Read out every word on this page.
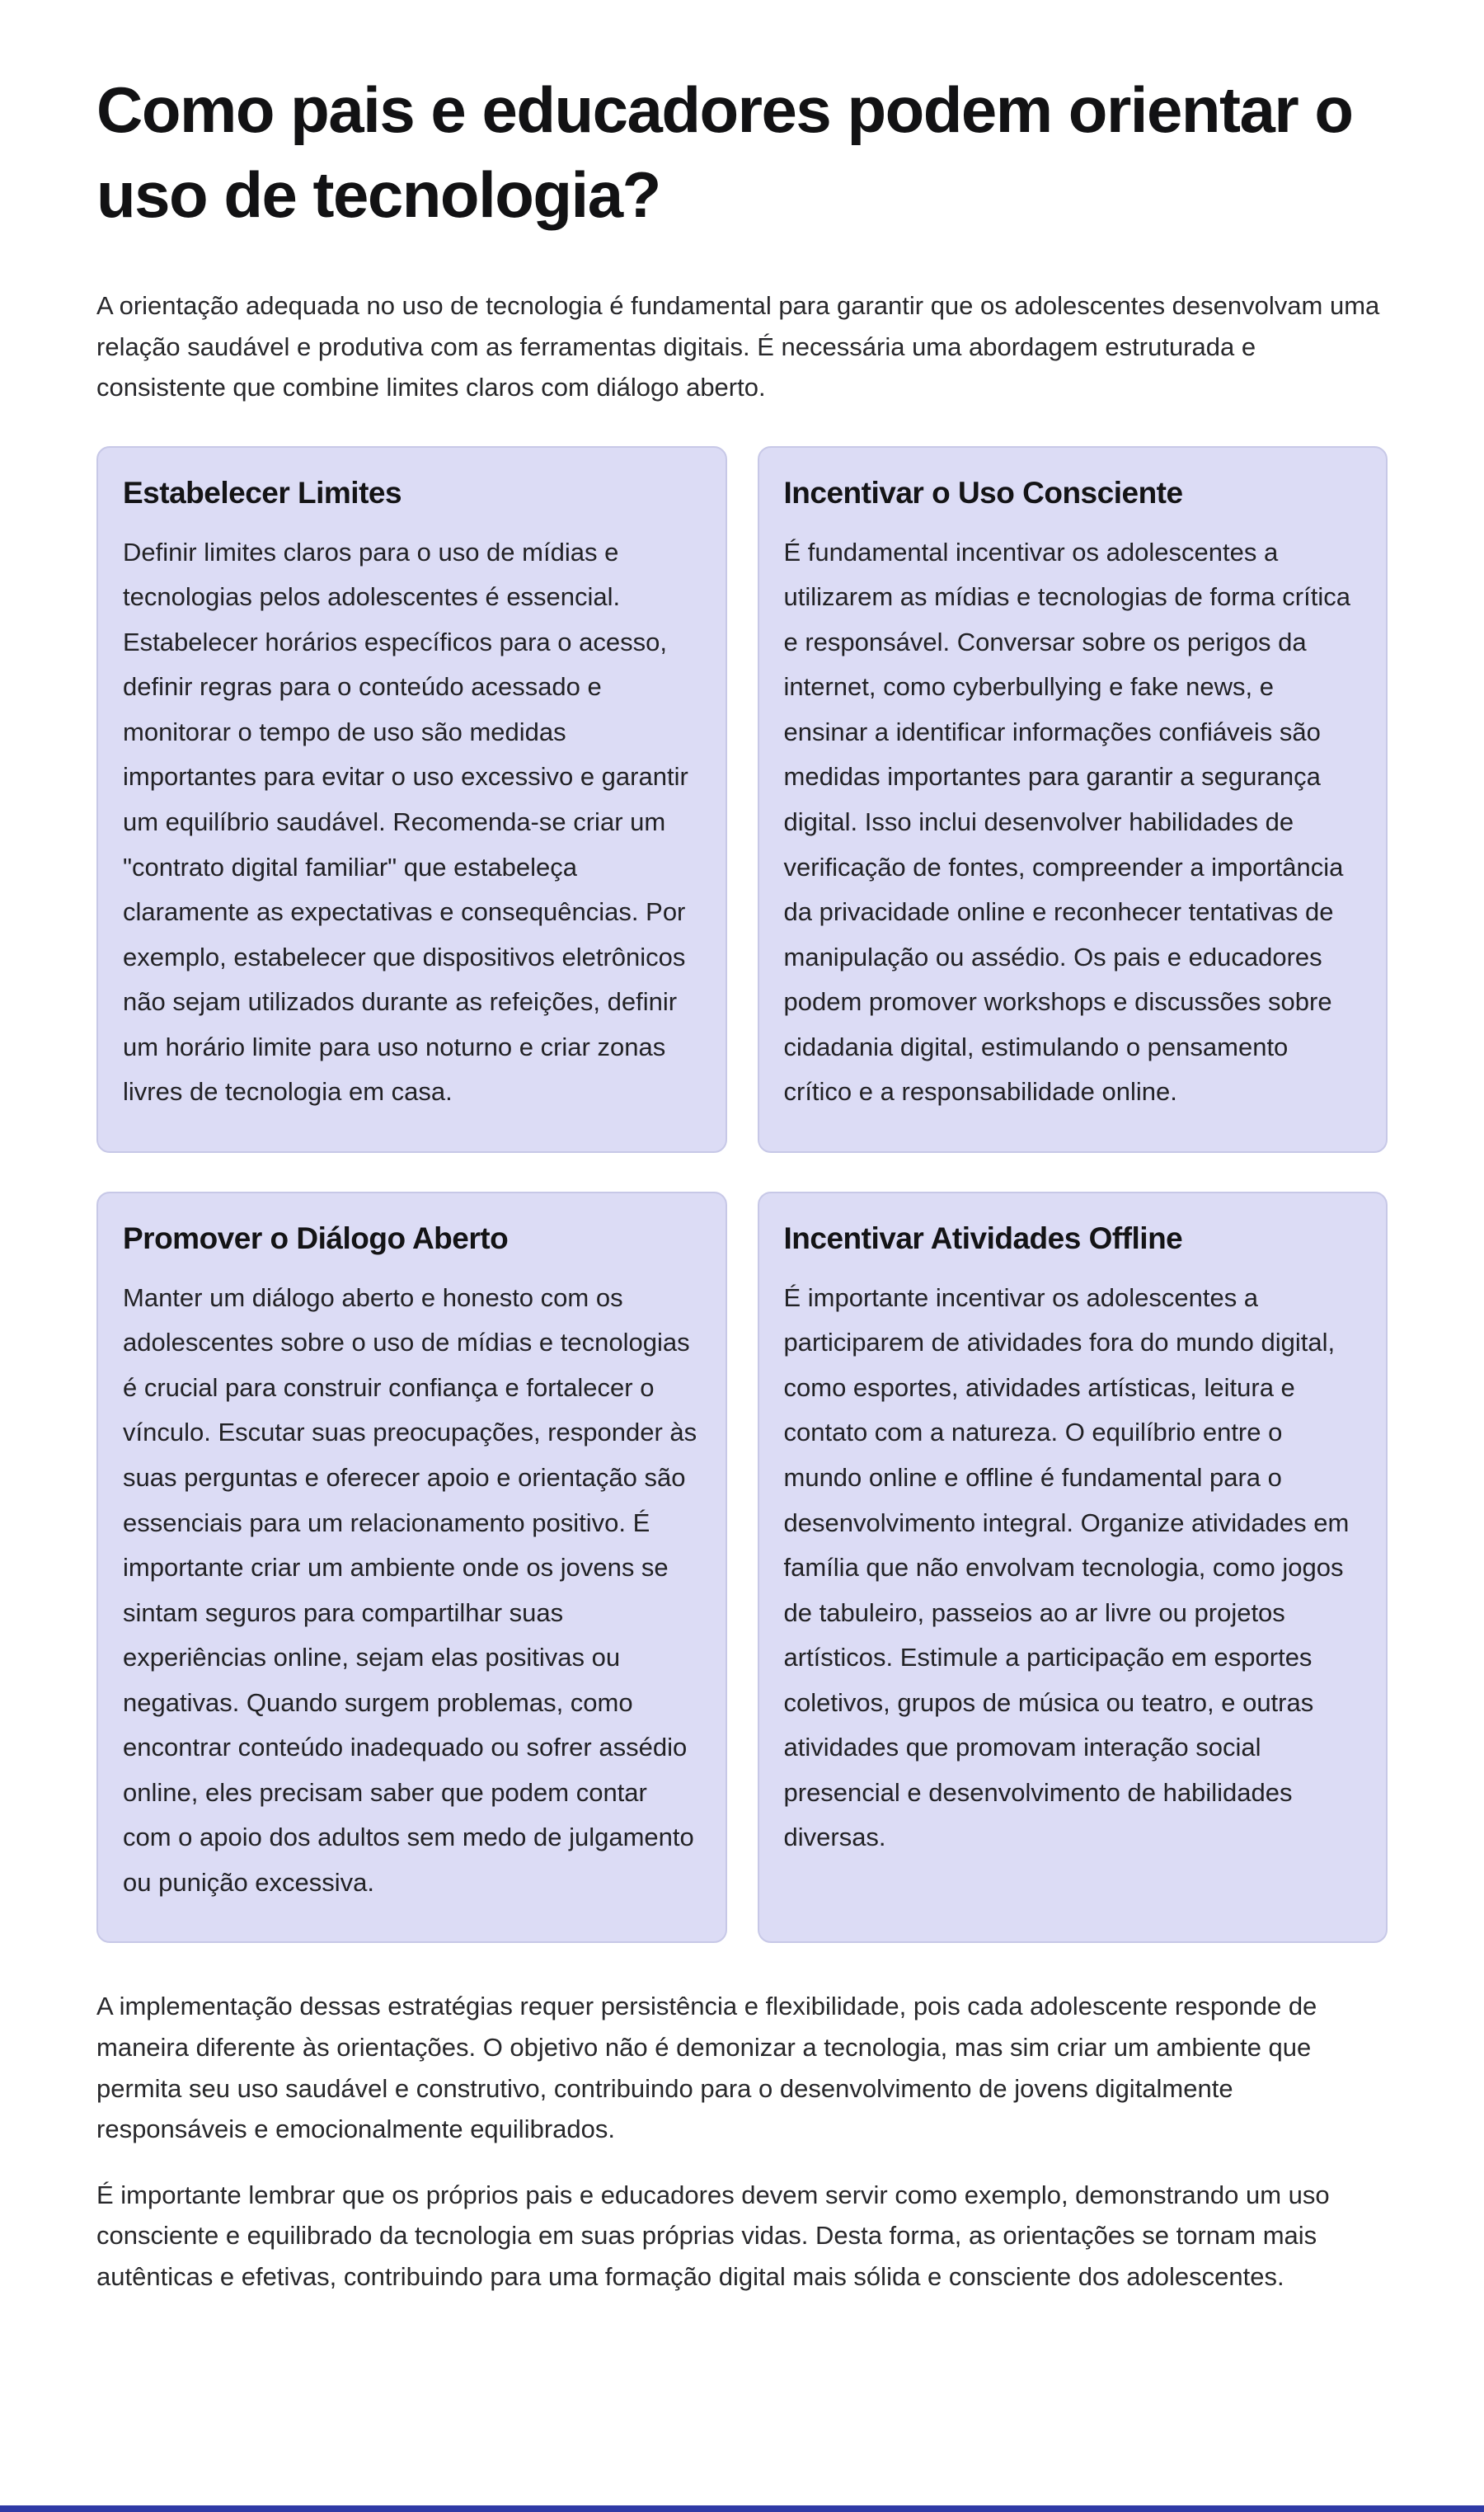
Como pais e educadores podem orientar o uso de tecnologia?

A orientação adequada no uso de tecnologia é fundamental para garantir que os adolescentes desenvolvam uma relação saudável e produtiva com as ferramentas digitais. É necessária uma abordagem estruturada e consistente que combine limites claros com diálogo aberto.

Estabelecer Limites

Definir limites claros para o uso de mídias e tecnologias pelos adolescentes é essencial. Estabelecer horários específicos para o acesso, definir regras para o conteúdo acessado e monitorar o tempo de uso são medidas importantes para evitar o uso excessivo e garantir um equilíbrio saudável. Recomenda-se criar um "contrato digital familiar" que estabeleça claramente as expectativas e consequências. Por exemplo, estabelecer que dispositivos eletrônicos não sejam utilizados durante as refeições, definir um horário limite para uso noturno e criar zonas livres de tecnologia em casa.

Incentivar o Uso Consciente

É fundamental incentivar os adolescentes a utilizarem as mídias e tecnologias de forma crítica e responsável. Conversar sobre os perigos da internet, como cyberbullying e fake news, e ensinar a identificar informações confiáveis são medidas importantes para garantir a segurança digital. Isso inclui desenvolver habilidades de verificação de fontes, compreender a importância da privacidade online e reconhecer tentativas de manipulação ou assédio. Os pais e educadores podem promover workshops e discussões sobre cidadania digital, estimulando o pensamento crítico e a responsabilidade online.

Promover o Diálogo Aberto

Manter um diálogo aberto e honesto com os adolescentes sobre o uso de mídias e tecnologias é crucial para construir confiança e fortalecer o vínculo. Escutar suas preocupações, responder às suas perguntas e oferecer apoio e orientação são essenciais para um relacionamento positivo. É importante criar um ambiente onde os jovens se sintam seguros para compartilhar suas experiências online, sejam elas positivas ou negativas. Quando surgem problemas, como encontrar conteúdo inadequado ou sofrer assédio online, eles precisam saber que podem contar com o apoio dos adultos sem medo de julgamento ou punição excessiva.

Incentivar Atividades Offline

É importante incentivar os adolescentes a participarem de atividades fora do mundo digital, como esportes, atividades artísticas, leitura e contato com a natureza. O equilíbrio entre o mundo online e offline é fundamental para o desenvolvimento integral. Organize atividades em família que não envolvam tecnologia, como jogos de tabuleiro, passeios ao ar livre ou projetos artísticos. Estimule a participação em esportes coletivos, grupos de música ou teatro, e outras atividades que promovam interação social presencial e desenvolvimento de habilidades diversas.

A implementação dessas estratégias requer persistência e flexibilidade, pois cada adolescente responde de maneira diferente às orientações. O objetivo não é demonizar a tecnologia, mas sim criar um ambiente que permita seu uso saudável e construtivo, contribuindo para o desenvolvimento de jovens digitalmente responsáveis e emocionalmente equilibrados.

É importante lembrar que os próprios pais e educadores devem servir como exemplo, demonstrando um uso consciente e equilibrado da tecnologia em suas próprias vidas. Desta forma, as orientações se tornam mais autênticas e efetivas, contribuindo para uma formação digital mais sólida e consciente dos adolescentes.
